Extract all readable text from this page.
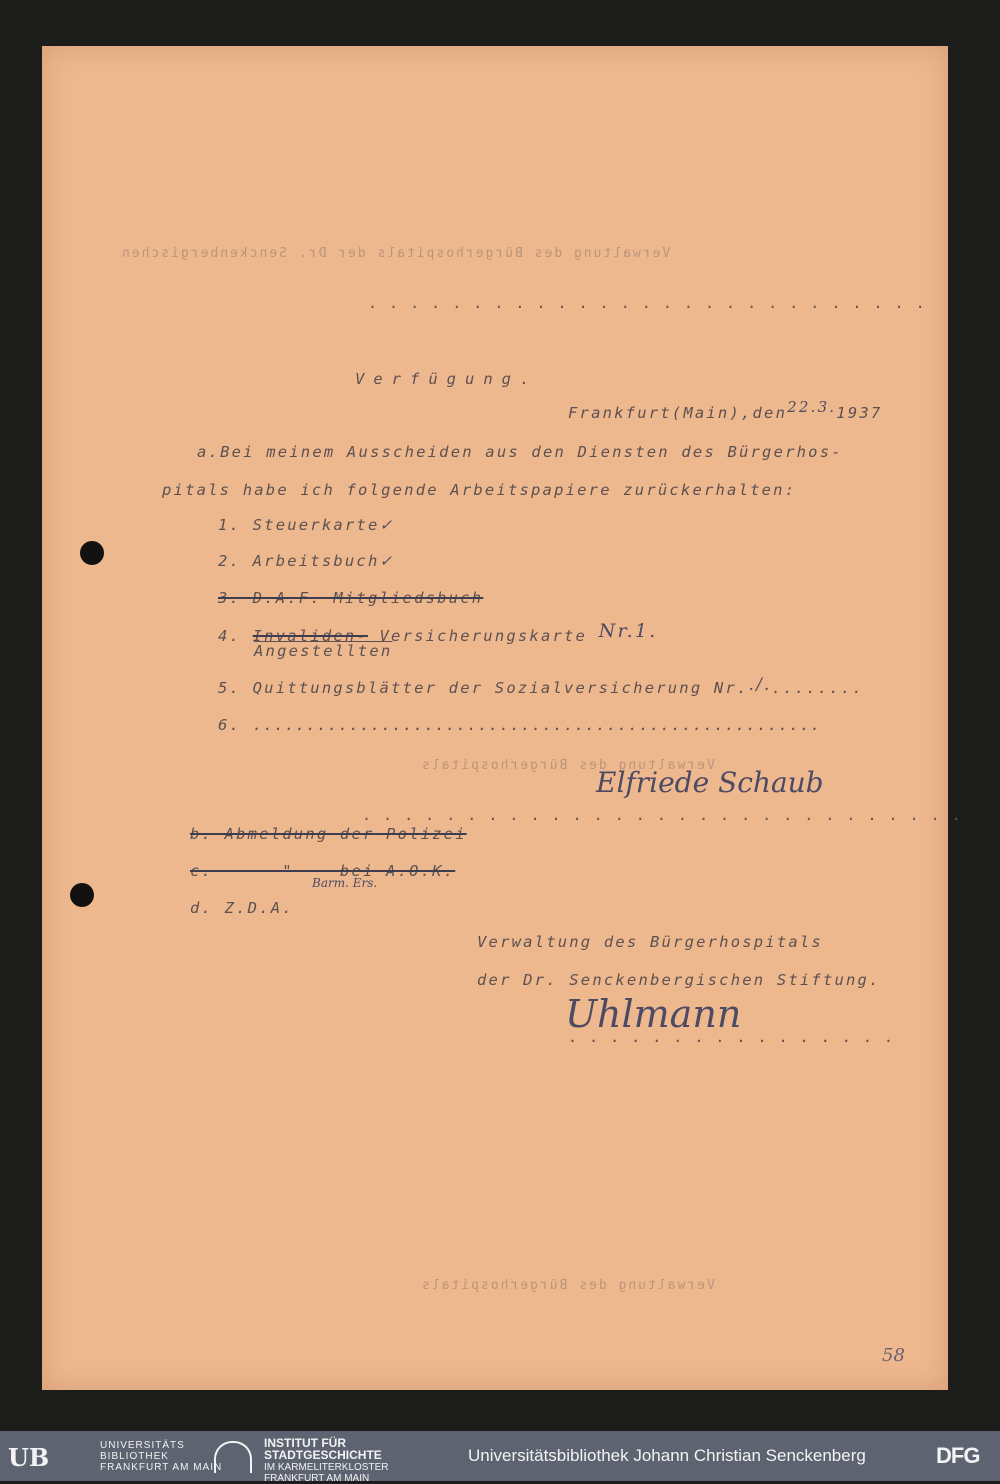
Verwaltung des Bürgerhospitals der Dr. Senckenbergischen
Verwaltung des Bürgerhospitals
Verwaltung des Bürgerhospitals
. . . . . . . . . . . . . . . . . . . . . . . . . . .
Verfügung.
Frankfurt(Main),den22.3.1937
a.Bei meinem Ausscheiden aus den Diensten des Bürgerhos-
pitals habe ich folgende Arbeitspapiere zurückerhalten:
1. Steuerkarte✓
2. Arbeitsbuch✓
3. D.A.F. Mitgliedsbuch
4. Invaliden- Versicherungskarte Nr.1.
Angestellten
5. Quittungsblätter der Sozialversicherung Nr../.........
6. .....................................................
Elfriede Schaub
. . . . . . . . . . . . . . . . . . . . . . . . . . . . .
b. Abmeldung der Polizei
c.      "    bei A.O.K.
Barm. Ers.
d. Z.D.A.
Verwaltung des Bürgerhospitals
der Dr. Senckenbergischen Stiftung.
Uhlmann
. . . . . . . . . . . . . . . .
58
UB	UNIVERSITÄTS
BIBLIOTHEK
FRANKFURT AM MAIN
INSTITUT FÜR
STADTGESCHICHTE
IM KARMELITERKLOSTER
FRANKFURT AM MAIN
Universitätsbibliothek Johann Christian Senckenberg	DFG
